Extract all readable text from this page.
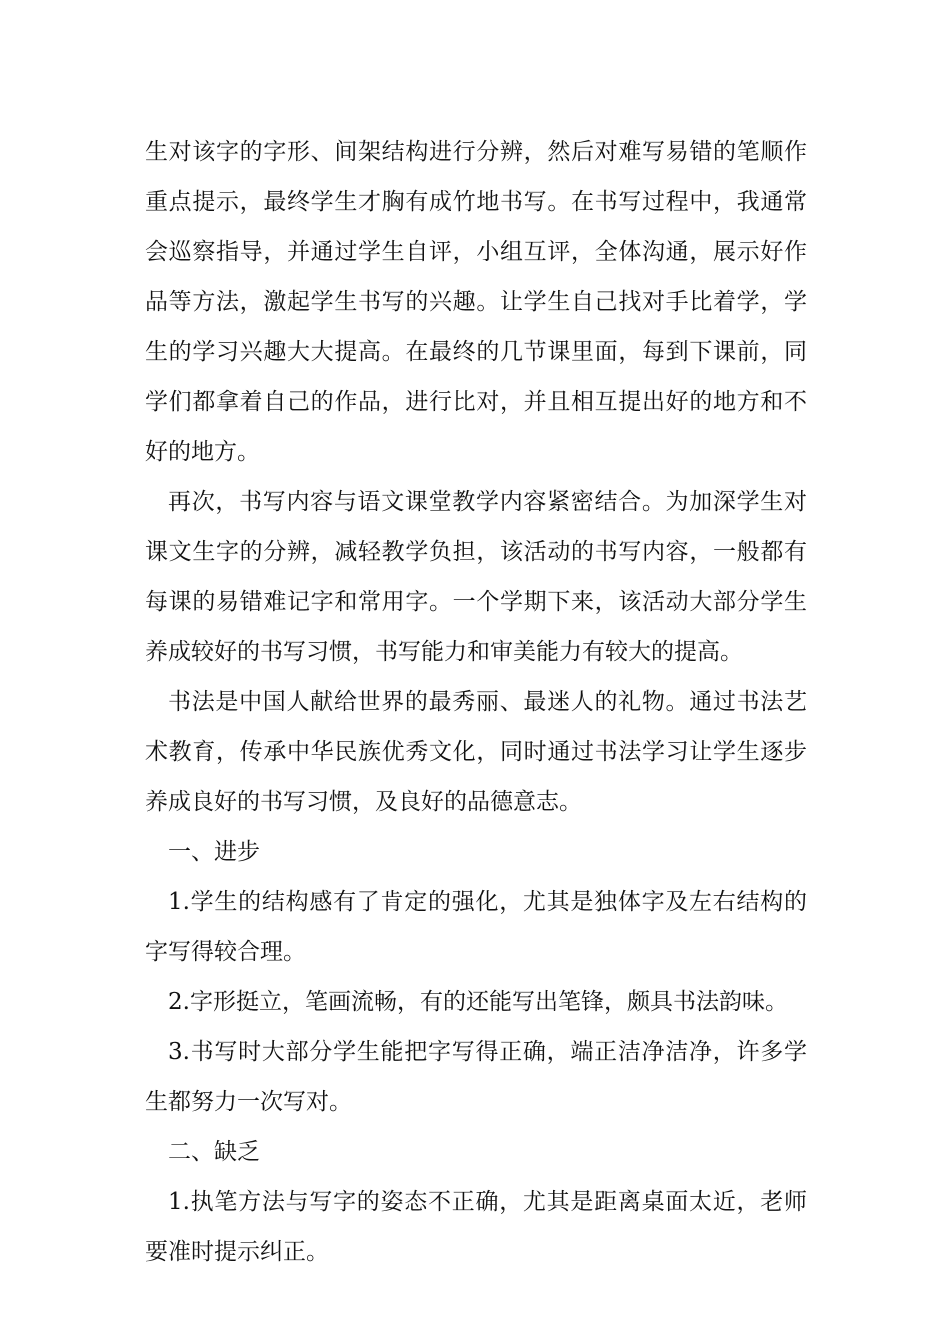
生对该字的字形、间架结构进行分辨，然后对难写易错的笔顺作重点提示，最终学生才胸有成竹地书写。在书写过程中，我通常会巡察指导，并通过学生自评，小组互评，全体沟通，展示好作品等方法，激起学生书写的兴趣。让学生自己找对手比着学，学生的学习兴趣大大提高。在最终的几节课里面，每到下课前，同学们都拿着自己的作品，进行比对，并且相互提出好的地方和不好的地方。

再次，书写内容与语文课堂教学内容紧密结合。为加深学生对课文生字的分辨，减轻教学负担，该活动的书写内容，一般都有每课的易错难记字和常用字。一个学期下来，该活动大部分学生养成较好的书写习惯，书写能力和审美能力有较大的提高。

书法是中国人献给世界的最秀丽、最迷人的礼物。通过书法艺术教育，传承中华民族优秀文化，同时通过书法学习让学生逐步养成良好的书写习惯，及良好的品德意志。

一、进步

1.学生的结构感有了肯定的强化，尤其是独体字及左右结构的字写得较合理。

2.字形挺立，笔画流畅，有的还能写出笔锋，颇具书法韵味。

3.书写时大部分学生能把字写得正确，端正洁净洁净，许多学生都努力一次写对。

二、缺乏

1.执笔方法与写字的姿态不正确，尤其是距离桌面太近，老师要准时提示纠正。
